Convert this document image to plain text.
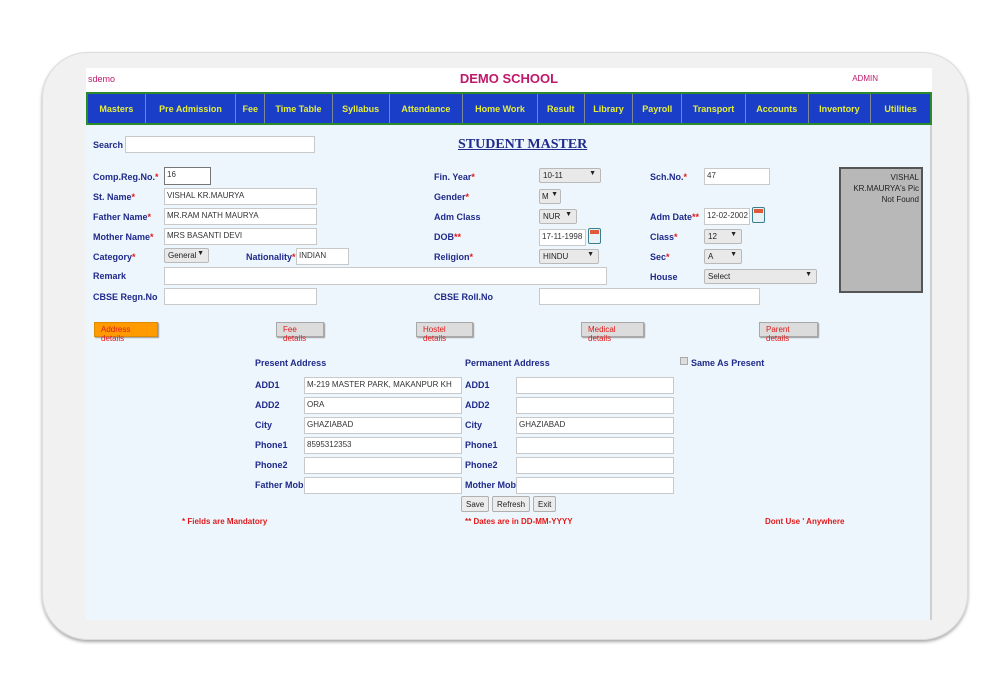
sdemo	DEMO SCHOOL	ADMIN
Masters	Pre Admission	Fee	Time Table	Syllabus	Attendance	Home Work	Result	Library	Payroll	Transport	Accounts	Inventory	Utilities
Search	STUDENT MASTER
Comp.Reg.No.*	16
St. Name*	VISHAL KR.MAURYA
Father Name*	MR.RAM NATH MAURYA
Mother Name*	MRS BASANTI DEVI
Category*	General ▼	Nationality* INDIAN
Remark
CBSE Regn.No
Fin. Year*	10-11	▼
Gender*	M ▼
Adm Class	NUR ▼
DOB**	17-11-1998
Religion*	HINDU	▼
CBSE Roll.No
Sch.No.*	47
Adm Date** 12-02-2002
Class*	12 ▼
Sec*	A ▼
House	Select	▼
VISHAL KR.MAURYA's Pic Not Found
Address details
Fee details
Hostel details
Medical details
Parent details
Present Address	Permanent Address	Same As Present
ADD1	M-219 MASTER PARK, MAKANPUR KH
ADD2	ORA
City	GHAZIABAD
Phone1	8595312353
Phone2
Father Mob
ADD1
ADD2
City	GHAZIABAD
Phone1
Phone2
Mother Mob
Save	Refresh	Exit
* Fields are Mandatory	** Dates are in DD-MM-YYYY	Dont Use ' Anywhere
